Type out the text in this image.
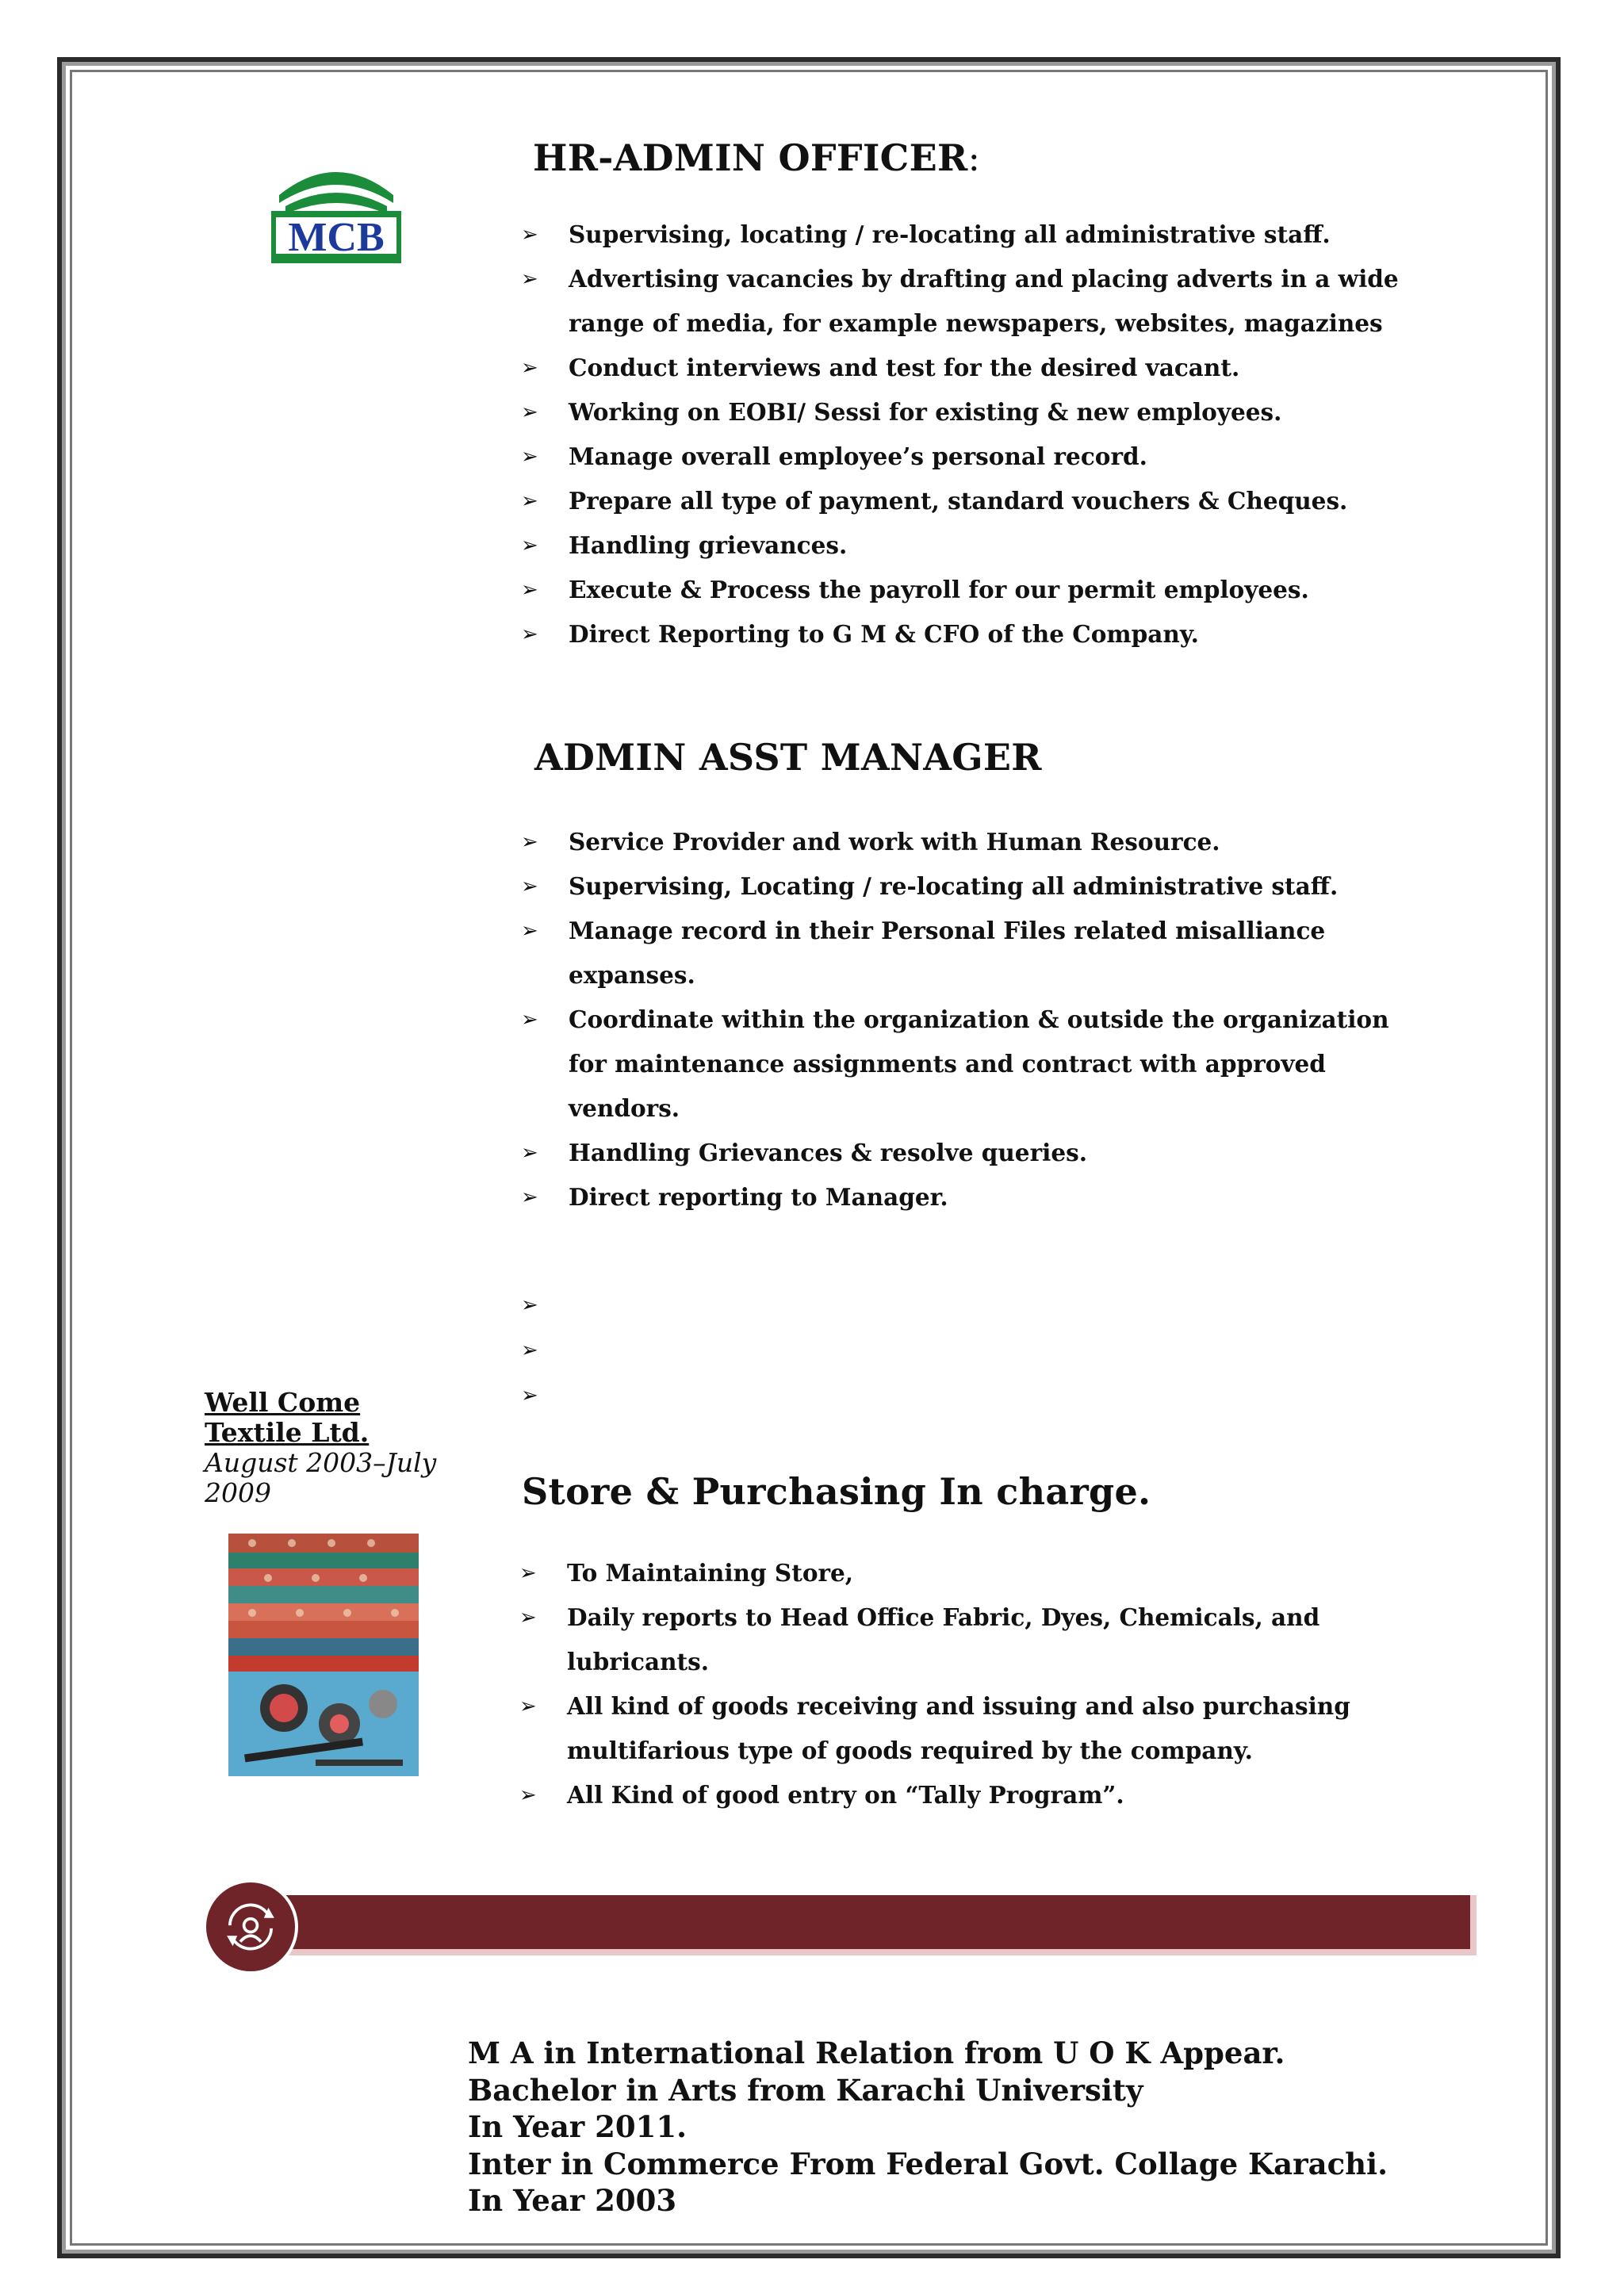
MCB
HR-ADMIN OFFICER:
➢ Supervising, locating / re-locating all administrative staff.
➢ Advertising vacancies by drafting and placing adverts in a wide range of media, for example newspapers, websites, magazines
➢ Conduct interviews and test for the desired vacant.
➢ Working on EOBI/ Sessi for existing & new employees.
➢ Manage overall employee’s personal record.
➢ Prepare all type of payment, standard vouchers & Cheques.
➢ Handling grievances.
➢ Execute & Process the payroll for our permit employees.
➢ Direct Reporting to G M & CFO of the Company.
ADMIN ASST MANAGER
➢ Service Provider and work with Human Resource.
➢ Supervising, Locating / re-locating all administrative staff.
➢ Manage record in their Personal Files related misalliance expanses.
➢ Coordinate within the organization & outside the organization for maintenance assignments and contract with approved vendors.
➢ Handling Grievances & resolve queries.
➢ Direct reporting to Manager.
➢
➢
➢
Well Come Textile Ltd.
August 2003–July 2009	Store & Purchasing In charge.
➢ To Maintaining Store,
➢ Daily reports to Head Office Fabric, Dyes, Chemicals, and lubricants.
➢ All kind of goods receiving and issuing and also purchasing multifarious type of goods required by the company.
➢ All Kind of good entry on “Tally Program”.
M A in International Relation from U O K Appear.
Bachelor in Arts from Karachi University
In Year 2011.
Inter in Commerce From Federal Govt. Collage Karachi.
In Year 2003
